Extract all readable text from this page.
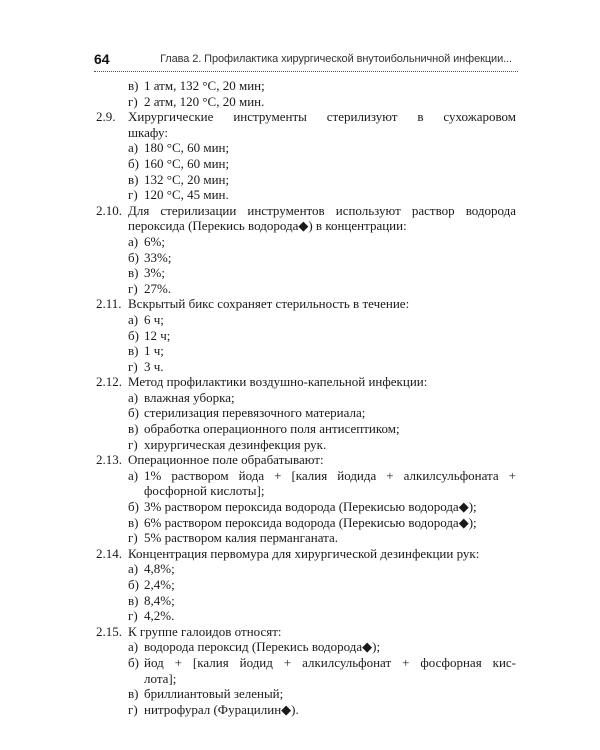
64	Глава 2. Профилактика хирургической внутоибольничной инфекции...
в) 1 атм, 132 °С, 20 мин;
г) 2 атм, 120 °С, 20 мин.
2.9. Хирургические инструменты стерилизуют в сухожаровом
шкафу:
а) 180 °С, 60 мин;
б) 160 °С, 60 мин;
в) 132 °С, 20 мин;
г) 120 °С, 45 мин.
2.10. Для стерилизации инструментов используют раствор водорода
пероксида (Перекись водорода◆) в концентрации:
а) 6%;
б) 33%;
в) 3%;
г) 27%.
2.11. Вскрытый бикс сохраняет стерильность в течение:
а) 6 ч;
б) 12 ч;
в) 1 ч;
г) 3 ч.
2.12. Метод профилактики воздушно-капельной инфекции:
а) влажная уборка;
б) стерилизация перевязочного материала;
в) обработка операционного поля антисептиком;
г) хирургическая дезинфекция рук.
2.13. Операционное поле обрабатывают:
а) 1% раствором йода + [калия йодида + алкилсульфоната +
фосфорной кислоты];
б) 3% раствором пероксида водорода (Перекисью водорода◆);
в) 6% раствором пероксида водорода (Перекисью водорода◆);
г) 5% раствором калия перманганата.
2.14. Концентрация первомура для хирургической дезинфекции рук:
а) 4,8%;
б) 2,4%;
в) 8,4%;
г) 4,2%.
2.15. К группе галоидов относят:
а) водорода пероксид (Перекись водорода◆);
б) йод + [калия йодид + алкилсульфонат + фосфорная кис-
лота];
в) бриллиантовый зеленый;
г) нитрофурал (Фурацилин◆).
